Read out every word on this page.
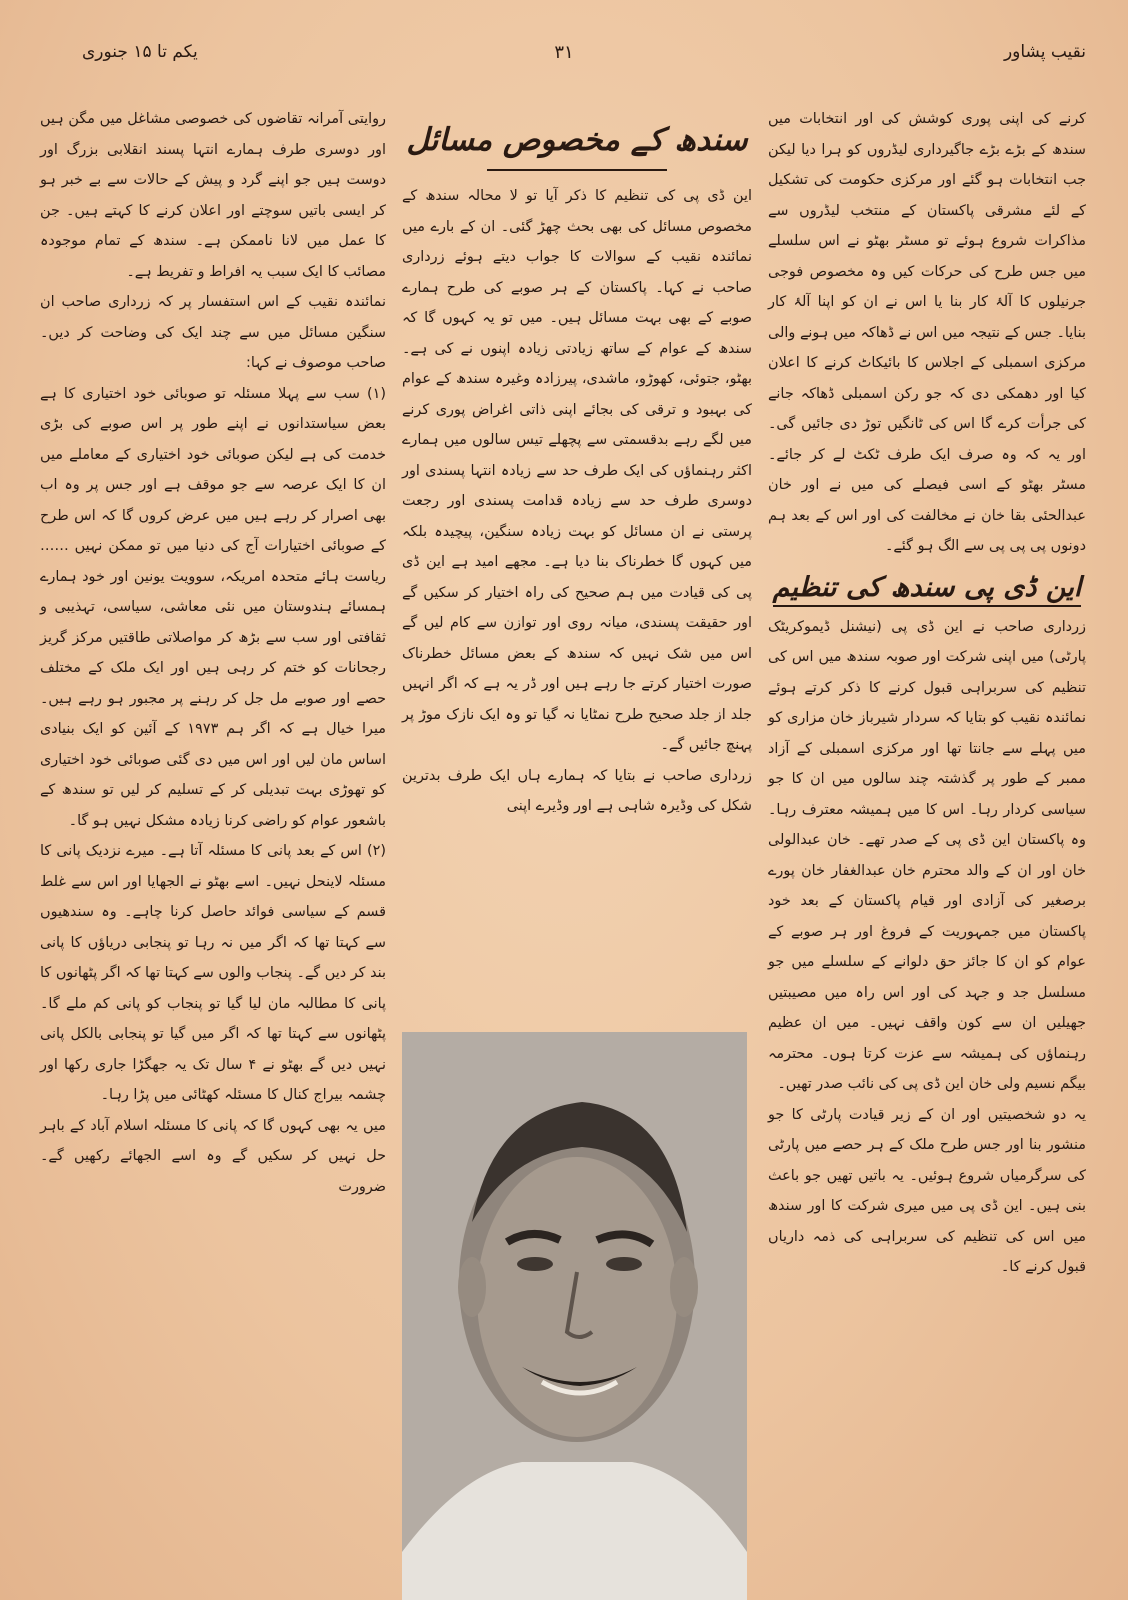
نقیب پشاور
۳۱
یکم تا ۱۵ جنوری

کرنے کی اپنی پوری کوشش کی اور انتخابات میں سندھ کے بڑے بڑے جاگیرداری لیڈروں کو ہرا دیا لیکن جب انتخابات ہو گئے اور مرکزی حکومت کی تشکیل کے لئے مشرقی پاکستان کے منتخب لیڈروں سے مذاکرات شروع ہوئے تو مسٹر بھٹو نے اس سلسلے میں جس طرح کی حرکات کیں وہ مخصوص فوجی جرنیلوں کا آلۂ کار بنا یا اس نے ان کو اپنا آلۂ کار بنایا۔ جس کے نتیجہ میں اس نے ڈھاکہ میں ہونے والی مرکزی اسمبلی کے اجلاس کا بائیکاٹ کرنے کا اعلان کیا اور دھمکی دی کہ جو رکن اسمبلی ڈھاکہ جانے کی جرأت کرے گا اس کی ٹانگیں توڑ دی جائیں گی۔ اور یہ کہ وہ صرف ایک طرف ٹکٹ لے کر جائے۔ مسٹر بھٹو کے اسی فیصلے کی میں نے اور خان عبدالحئی بقا خان نے مخالفت کی اور اس کے بعد ہم دونوں پی پی پی سے الگ ہو گئے۔

این ڈی پی سندھ کی تنظیم

زرداری صاحب نے این ڈی پی (نیشنل ڈیموکریٹک پارٹی) میں اپنی شرکت اور صوبہ سندھ میں اس کی تنظیم کی سربراہی قبول کرنے کا ذکر کرتے ہوئے نمائندہ نقیب کو بتایا کہ سردار شیرباز خان مزاری کو میں پہلے سے جانتا تھا اور مرکزی اسمبلی کے آزاد ممبر کے طور پر گذشتہ چند سالوں میں ان کا جو سیاسی کردار رہا۔ اس کا میں ہمیشہ معترف رہا۔ وہ پاکستان این ڈی پی کے صدر تھے۔ خان عبدالولی خان اور ان کے والد محترم خان عبدالغفار خان پورے برصغیر کی آزادی اور قیام پاکستان کے بعد خود پاکستان میں جمہوریت کے فروغ اور ہر صوبے کے عوام کو ان کا جائز حق دلوانے کے سلسلے میں جو مسلسل جد و جہد کی اور اس راہ میں مصیبتیں جھیلیں ان سے کون واقف نہیں۔ میں ان عظیم رہنماؤں کی ہمیشہ سے عزت کرتا ہوں۔ محترمہ بیگم نسیم ولی خان این ڈی پی کی نائب صدر تھیں۔

یہ دو شخصیتیں اور ان کے زیر قیادت پارٹی کا جو منشور بنا اور جس طرح ملک کے ہر حصے میں پارٹی کی سرگرمیاں شروع ہوئیں۔ یہ باتیں تھیں جو باعث بنی ہیں۔ این ڈی پی میں میری شرکت کا اور سندھ میں اس کی تنظیم کی سربراہی کی ذمہ داریاں قبول کرنے کا۔

سندھ کے مخصوص مسائل

این ڈی پی کی تنظیم کا ذکر آیا تو لا محالہ سندھ کے مخصوص مسائل کی بھی بحث چھڑ گئی۔ ان کے بارے میں نمائندہ نقیب کے سوالات کا جواب دیتے ہوئے زرداری صاحب نے کہا۔ پاکستان کے ہر صوبے کی طرح ہمارے صوبے کے بھی بہت مسائل ہیں۔ میں تو یہ کہوں گا کہ سندھ کے عوام کے ساتھ زیادتی زیادہ اپنوں نے کی ہے۔ بھٹو، جتوئی، کھوڑو، ماشدی، پیرزادہ وغیرہ سندھ کے عوام کی بہبود و ترقی کی بجائے اپنی ذاتی اغراض پوری کرنے میں لگے رہے بدقسمتی سے پچھلے تیس سالوں میں ہمارے اکثر رہنماؤں کی ایک طرف حد سے زیادہ انتہا پسندی اور دوسری طرف حد سے زیادہ قدامت پسندی اور رجعت پرستی نے ان مسائل کو بہت زیادہ سنگین، پیچیدہ بلکہ میں کہوں گا خطرناک بنا دیا ہے۔ مجھے امید ہے این ڈی پی کی قیادت میں ہم صحیح کی راہ اختیار کر سکیں گے اور حقیقت پسندی، میانہ روی اور توازن سے کام لیں گے اس میں شک نہیں کہ سندھ کے بعض مسائل خطرناک صورت اختیار کرتے جا رہے ہیں اور ڈر یہ ہے کہ اگر انہیں جلد از جلد صحیح طرح نمٹایا نہ گیا تو وہ ایک نازک موڑ پر پہنچ جائیں گے۔

زرداری صاحب نے بتایا کہ ہمارے ہاں ایک طرف بدترین شکل کی وڈیرہ شاہی ہے اور وڈیرے اپنی

روایتی آمرانہ تقاضوں کی خصوصی مشاغل میں مگن ہیں اور دوسری طرف ہمارے انتہا پسند انقلابی بزرگ اور دوست ہیں جو اپنے گرد و پیش کے حالات سے بے خبر ہو کر ایسی باتیں سوچتے اور اعلان کرنے کا کہتے ہیں۔ جن کا عمل میں لانا ناممکن ہے۔ سندھ کے تمام موجودہ مصائب کا ایک سبب یہ افراط و تفریط ہے۔

نمائندہ نقیب کے اس استفسار پر کہ زرداری صاحب ان سنگین مسائل میں سے چند ایک کی وضاحت کر دیں۔ صاحب موصوف نے کہا:

(۱) سب سے پہلا مسئلہ تو صوبائی خود اختیاری کا ہے بعض سیاستدانوں نے اپنے طور پر اس صوبے کی بڑی خدمت کی ہے لیکن صوبائی خود اختیاری کے معاملے میں ان کا ایک عرصہ سے جو موقف ہے اور جس پر وہ اب بھی اصرار کر رہے ہیں میں عرض کروں گا کہ اس طرح کے صوبائی اختیارات آج کی دنیا میں تو ممکن نہیں …… ریاست ہائے متحدہ امریکہ، سوویت یونین اور خود ہمارے ہمسائے ہندوستان میں نئی معاشی، سیاسی، تہذیبی و ثقافتی اور سب سے بڑھ کر مواصلاتی طاقتیں مرکز گریز رجحانات کو ختم کر رہی ہیں اور ایک ملک کے مختلف حصے اور صوبے مل جل کر رہنے پر مجبور ہو رہے ہیں۔ میرا خیال ہے کہ اگر ہم ۱۹۷۳ کے آئین کو ایک بنیادی اساس مان لیں اور اس میں دی گئی صوبائی خود اختیاری کو تھوڑی بہت تبدیلی کر کے تسلیم کر لیں تو سندھ کے باشعور عوام کو راضی کرنا زیادہ مشکل نہیں ہو گا۔

(۲) اس کے بعد پانی کا مسئلہ آتا ہے۔ میرے نزدیک پانی کا مسئلہ لاینحل نہیں۔ اسے بھٹو نے الجھایا اور اس سے غلط قسم کے سیاسی فوائد حاصل کرنا چاہے۔ وہ سندھیوں سے کہتا تھا کہ اگر میں نہ رہا تو پنجابی دریاؤں کا پانی بند کر دیں گے۔ پنجاب والوں سے کہتا تھا کہ اگر پٹھانوں کا پانی کا مطالبہ مان لیا گیا تو پنجاب کو پانی کم ملے گا۔ پٹھانوں سے کہتا تھا کہ اگر میں گیا تو پنجابی بالکل پانی نہیں دیں گے بھٹو نے ۴ سال تک یہ جھگڑا جاری رکھا اور چشمہ بیراج کنال کا مسئلہ کھٹائی میں پڑا رہا۔

میں یہ بھی کہوں گا کہ پانی کا مسئلہ اسلام آباد کے باہر حل نہیں کر سکیں گے وہ اسے الجھائے رکھیں گے۔ ضرورت
